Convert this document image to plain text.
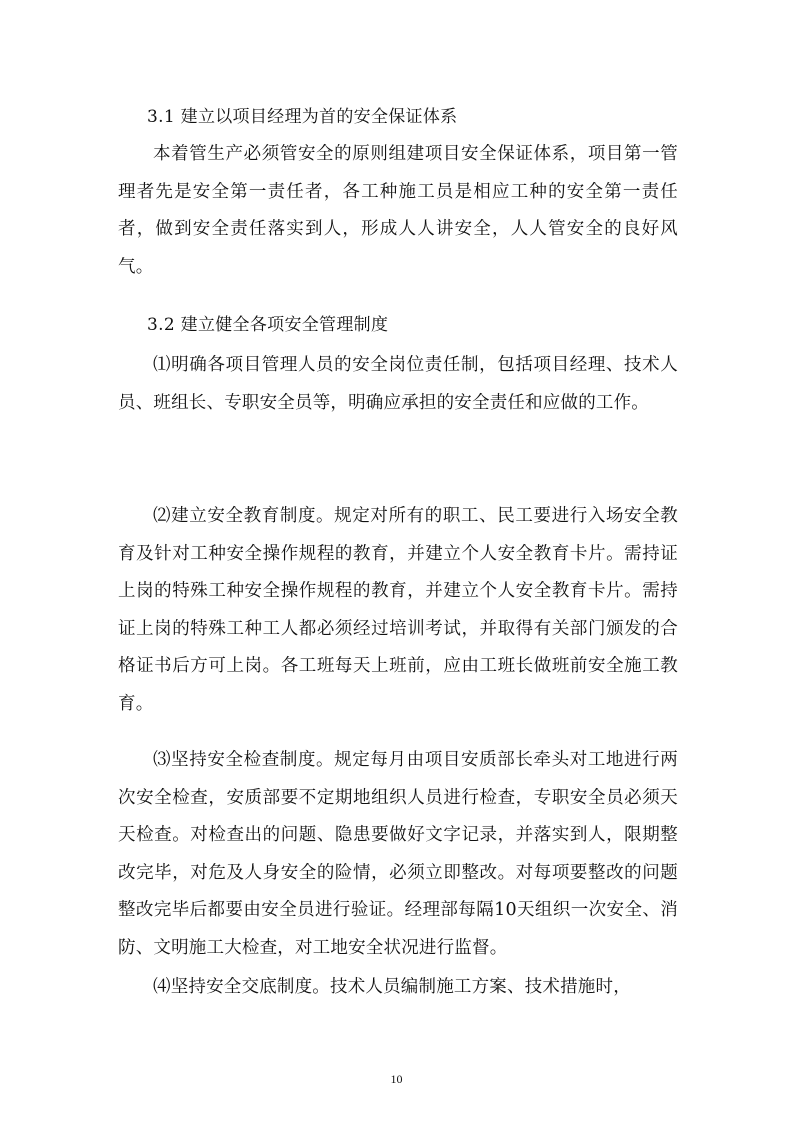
3.1 建立以项目经理为首的安全保证体系

本着管生产必须管安全的原则组建项目安全保证体系，项目第一管理者先是安全第一责任者，各工种施工员是相应工种的安全第一责任者，做到安全责任落实到人，形成人人讲安全，人人管安全的良好风气。

3.2 建立健全各项安全管理制度

⑴明确各项目管理人员的安全岗位责任制，包括项目经理、技术人员、班组长、专职安全员等，明确应承担的安全责任和应做的工作。

⑵建立安全教育制度。规定对所有的职工、民工要进行入场安全教育及针对工种安全操作规程的教育，并建立个人安全教育卡片。需持证上岗的特殊工种安全操作规程的教育，并建立个人安全教育卡片。需持证上岗的特殊工种工人都必须经过培训考试，并取得有关部门颁发的合格证书后方可上岗。各工班每天上班前，应由工班长做班前安全施工教育。

⑶坚持安全检查制度。规定每月由项目安质部长牵头对工地进行两次安全检查，安质部要不定期地组织人员进行检查，专职安全员必须天天检查。对检查出的问题、隐患要做好文字记录，并落实到人，限期整改完毕，对危及人身安全的险情，必须立即整改。对每项要整改的问题整改完毕后都要由安全员进行验证。经理部每隔10天组织一次安全、消防、文明施工大检查，对工地安全状况进行监督。

⑷坚持安全交底制度。技术人员编制施工方案、技术措施时，

10
